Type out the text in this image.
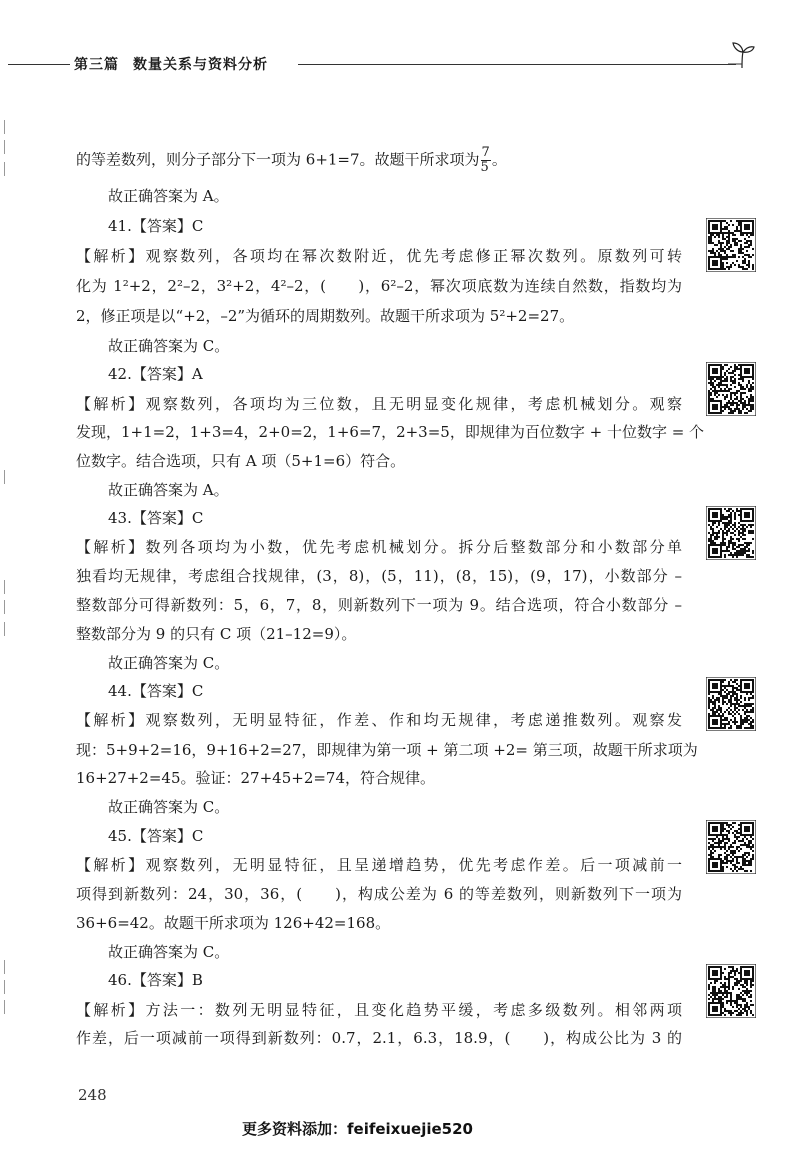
第三篇 数量关系与资料分析
的等差数列，则分子部分下一项为 6+1=7。故题干所求项为 $\frac{7}{5}$ 。
故正确答案为 A。
41.【答案】C
【解析】观察数列，各项均在幂次数附近，优先考虑修正幂次数列。原数列可转
化为 1²+2，2²–2，3²+2，4²–2，(　　)，6²–2，幂次项底数为连续自然数，指数均为
2，修正项是以“+2，–2”为循环的周期数列。故题干所求项为 5²+2=27。
故正确答案为 C。
42.【答案】A
【解析】观察数列，各项均为三位数，且无明显变化规律，考虑机械划分。观察
发现，1+1=2，1+3=4，2+0=2，1+6=7，2+3=5，即规律为百位数字 + 十位数字 = 个
位数字。结合选项，只有 A 项（5+1=6）符合。
故正确答案为 A。
43.【答案】C
【解析】数列各项均为小数，优先考虑机械划分。拆分后整数部分和小数部分单
独看均无规律，考虑组合找规律，(3，8)，(5，11)，(8，15)，(9，17)，小数部分 –
整数部分可得新数列：5，6，7，8，则新数列下一项为 9。结合选项，符合小数部分 –
整数部分为 9 的只有 C 项（21–12=9）。
故正确答案为 C。
44.【答案】C
【解析】观察数列，无明显特征，作差、作和均无规律，考虑递推数列。观察发
现：5+9+2=16，9+16+2=27，即规律为第一项 + 第二项 +2= 第三项，故题干所求项为
16+27+2=45。验证：27+45+2=74，符合规律。
故正确答案为 C。
45.【答案】C
【解析】观察数列，无明显特征，且呈递增趋势，优先考虑作差。后一项减前一
项得到新数列：24，30，36，(　　)，构成公差为 6 的等差数列，则新数列下一项为
36+6=42。故题干所求项为 126+42=168。
故正确答案为 C。
46.【答案】B
【解析】方法一：数列无明显特征，且变化趋势平缓，考虑多级数列。相邻两项
作差，后一项减前一项得到新数列：0.7，2.1，6.3，18.9，(　　)，构成公比为 3 的
248
更多资料添加：feifeixuejie520
